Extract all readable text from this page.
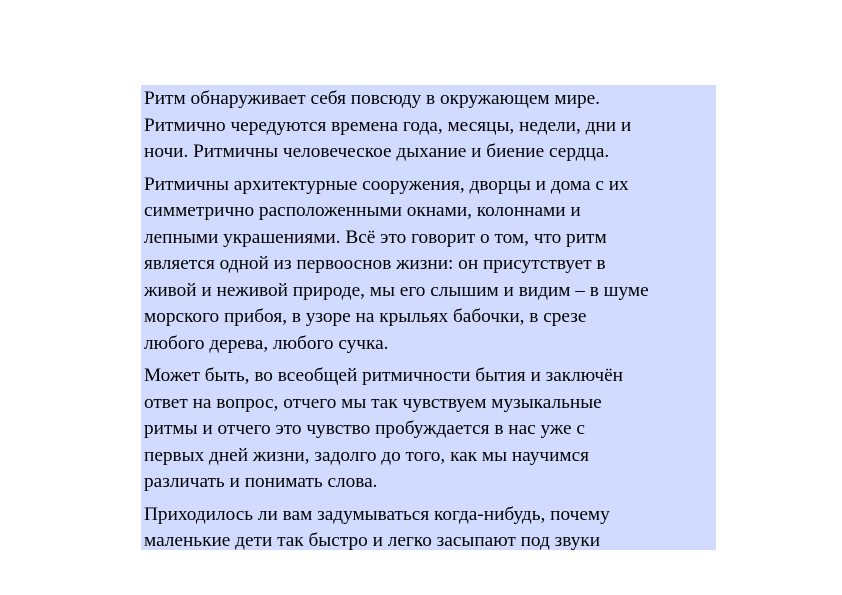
Ритм обнаруживает себя повсюду в окружающем мире.
Ритмично чередуются времена года, месяцы, недели, дни и
ночи. Ритмичны человеческое дыхание и биение сердца.

Ритмичны архитектурные сооружения, дворцы и дома с их
симметрично расположенными окнами, колоннами и
лепными украшениями. Всё это говорит о том, что ритм
является одной из первооснов жизни: он присутствует в
живой и неживой природе, мы его слышим и видим – в шуме
морского прибоя, в узоре на крыльях бабочки, в срезе
любого дерева, любого сучка.

Может быть, во всеобщей ритмичности бытия и заключён
ответ на вопрос, отчего мы так чувствуем музыкальные
ритмы и отчего это чувство пробуждается в нас уже с
первых дней жизни, задолго до того, как мы научимся
различать и понимать слова.

Приходилось ли вам задумываться когда-нибудь, почему
маленькие дети так быстро и легко засыпают под звуки
